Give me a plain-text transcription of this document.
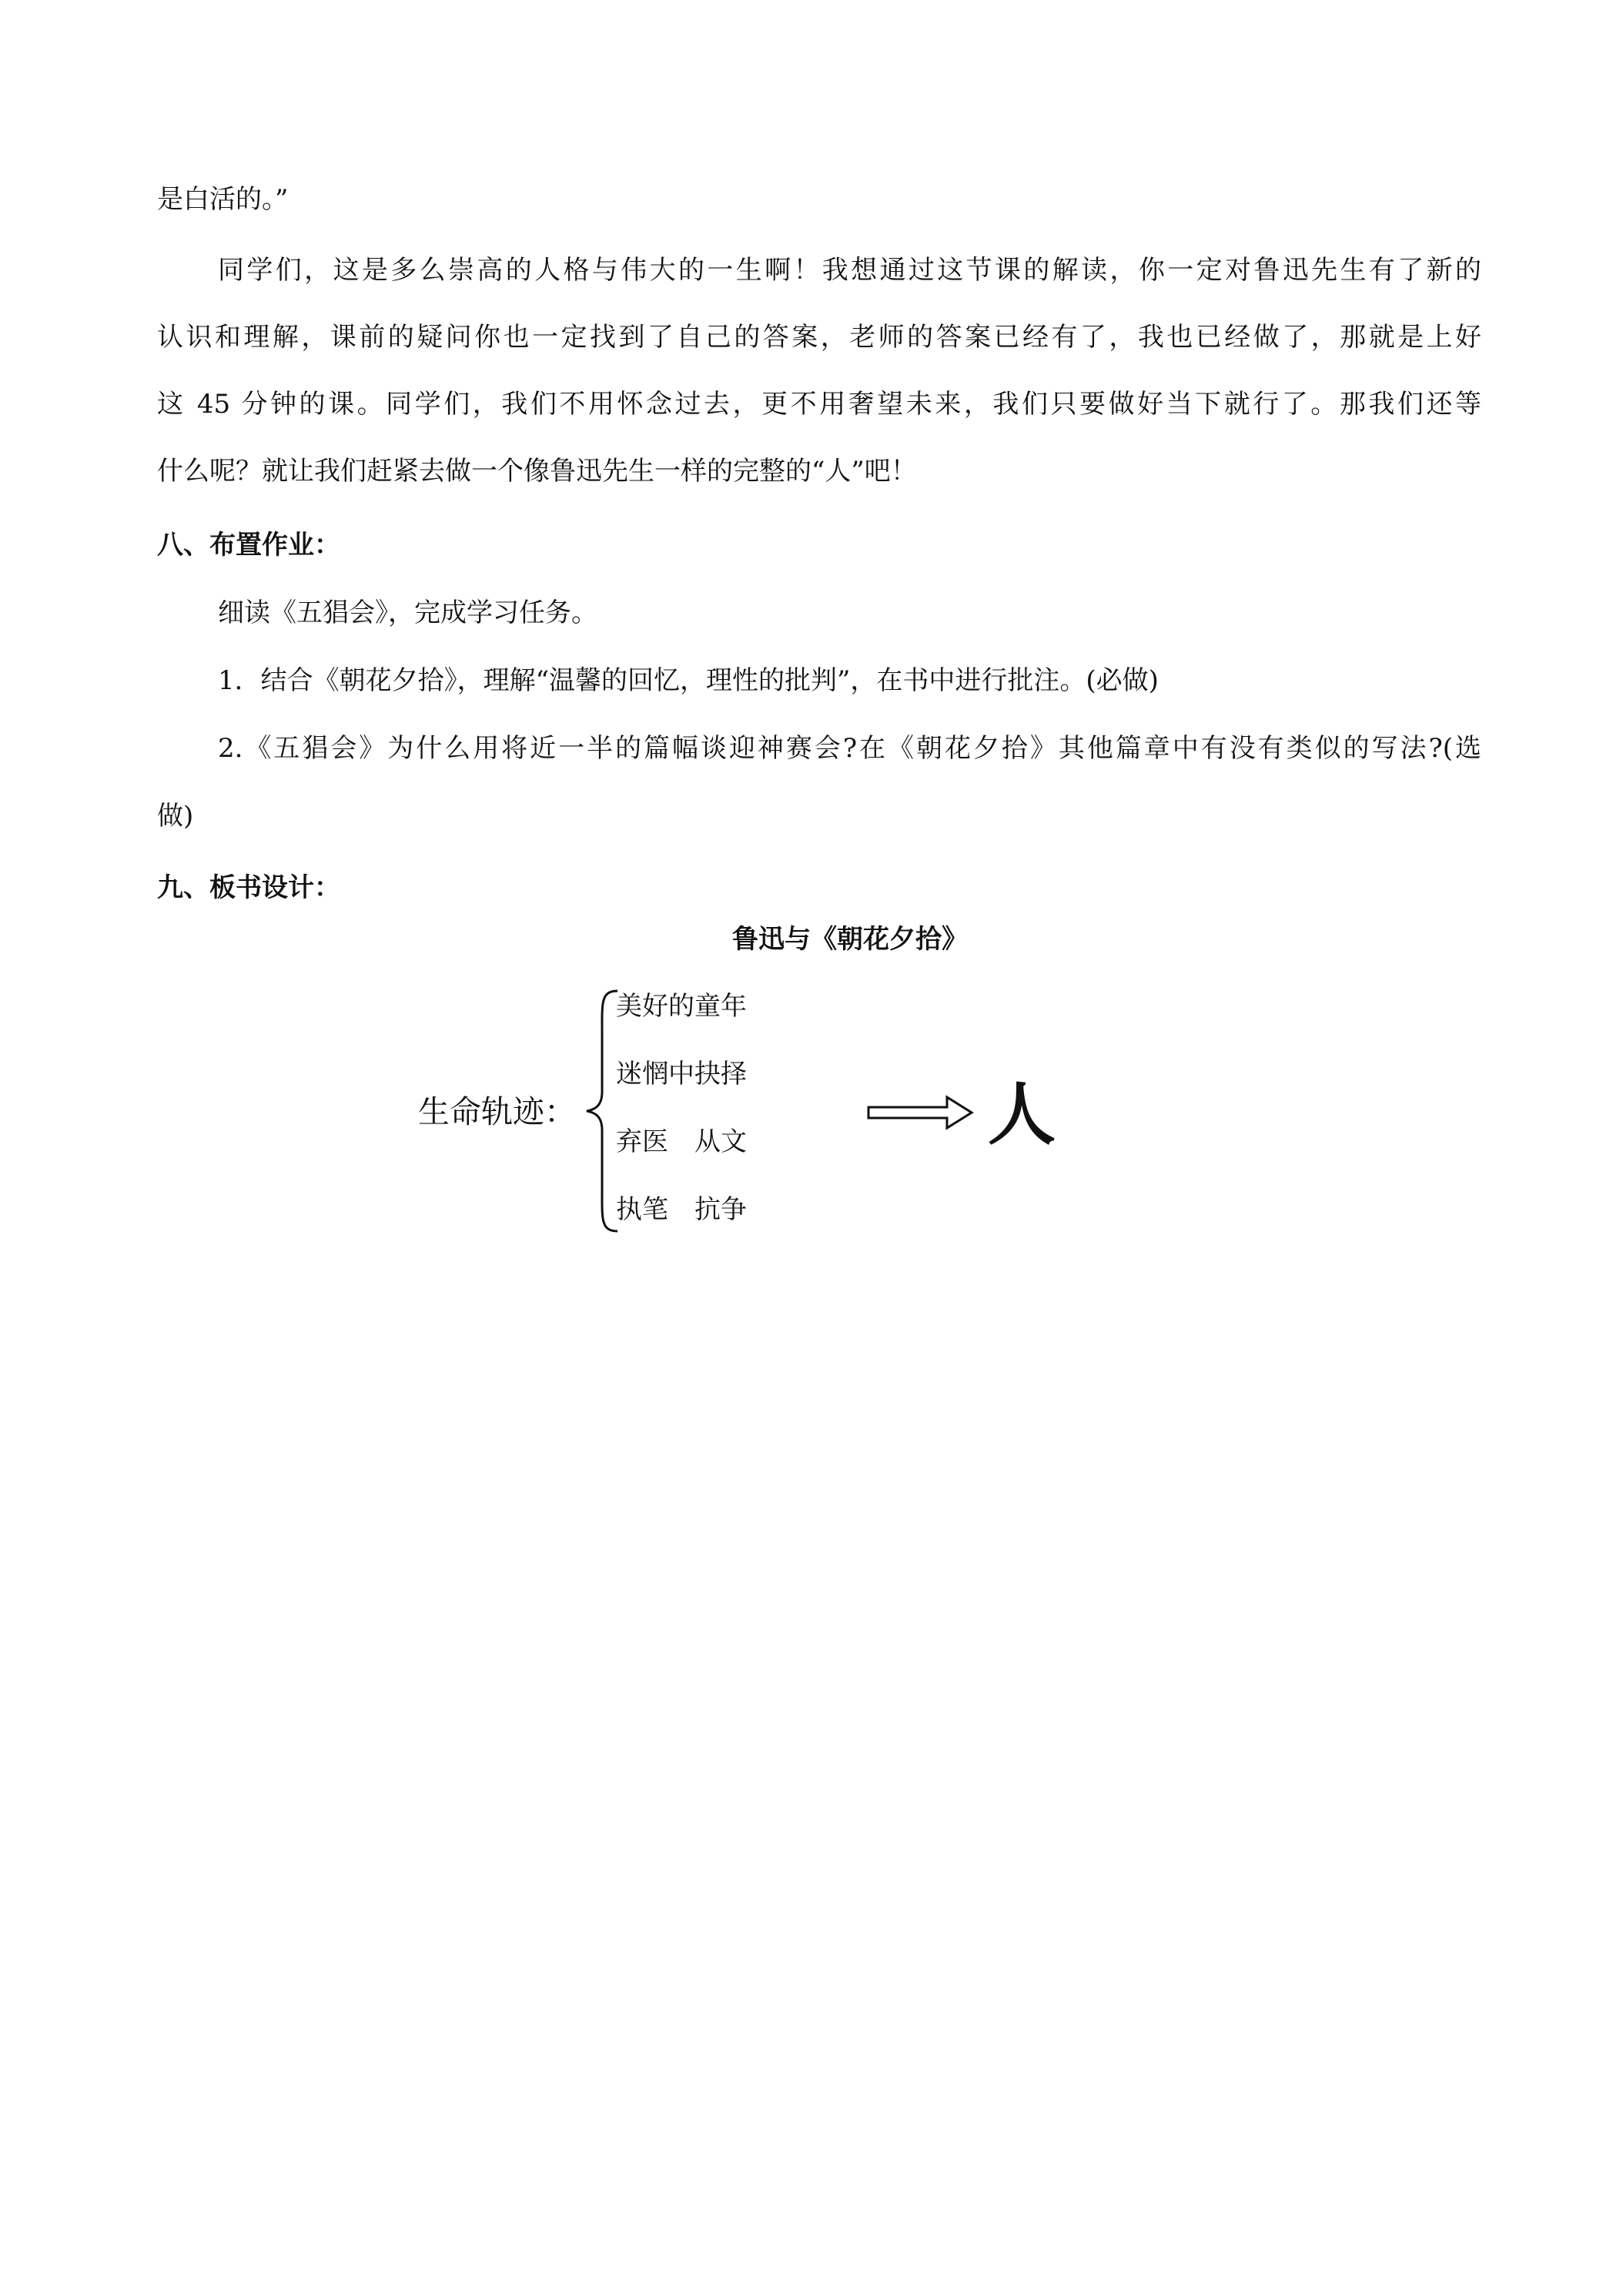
是白活的。”
同学们，这是多么崇高的人格与伟大的一生啊！我想通过这节课的解读，你一定对鲁迅先生有了新的
认识和理解，课前的疑问你也一定找到了自己的答案，老师的答案已经有了，我也已经做了，那就是上好
这 45 分钟的课。同学们，我们不用怀念过去，更不用奢望未来，我们只要做好当下就行了。那我们还等
什么呢？就让我们赶紧去做一个像鲁迅先生一样的完整的“人”吧！
八、布置作业：
细读《五猖会》，完成学习任务。
1．结合《朝花夕拾》，理解“温馨的回忆，理性的批判”，在书中进行批注。(必做)
2.《五猖会》为什么用将近一半的篇幅谈迎神赛会?在《朝花夕拾》其他篇章中有没有类似的写法?(选
做)
九、板书设计：
鲁迅与《朝花夕拾》
生命轨迹：
美好的童年
迷惘中抉择
弃医　从文
执笔　抗争
人
